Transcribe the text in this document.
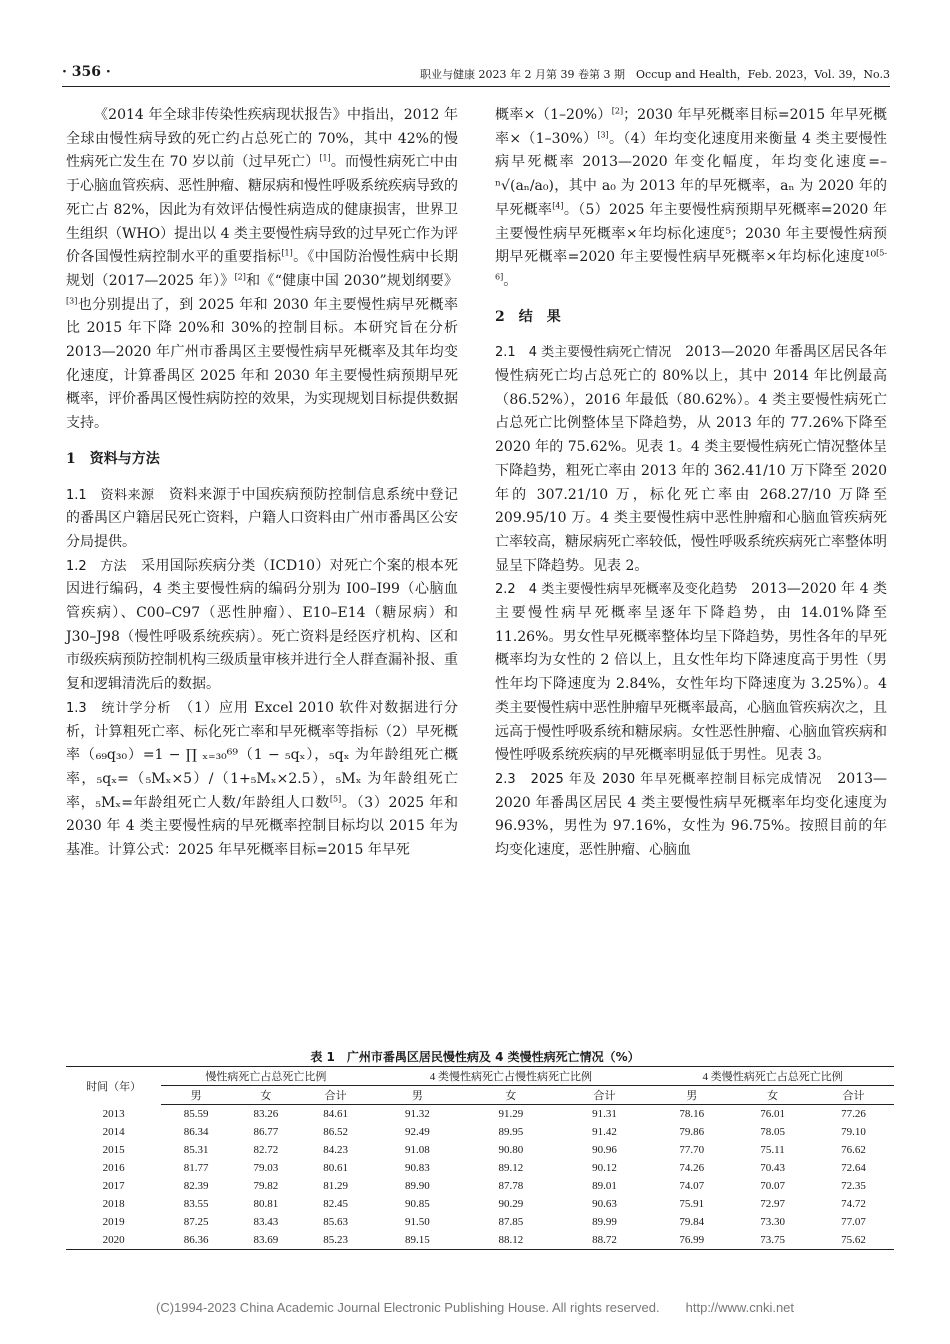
· 356 ·	职业与健康 2023 年 2 月第 39 卷第 3 期　Occup and Health，Feb. 2023，Vol. 39，No.3

《2014 年全球非传染性疾病现状报告》中指出，2012 年全球由慢性病导致的死亡约占总死亡的 70%，其中 42%的慢性病死亡发生在 70 岁以前（过早死亡）[1]。而慢性病死亡中由于心脑血管疾病、恶性肿瘤、糖尿病和慢性呼吸系统疾病导致的死亡占 82%，因此为有效评估慢性病造成的健康损害，世界卫生组织（WHO）提出以 4 类主要慢性病导致的过早死亡作为评价各国慢性病控制水平的重要指标[1]。《中国防治慢性病中长期规划（2017—2025 年）》[2]和《“健康中国 2030”规划纲要》[3]也分别提出了，到 2025 年和 2030 年主要慢性病早死概率比 2015 年下降 20%和 30%的控制目标。本研究旨在分析 2013—2020 年广州市番禺区主要慢性病早死概率及其年均变化速度，计算番禺区 2025 年和 2030 年主要慢性病预期早死概率，评价番禺区慢性病防控的效果，为实现规划目标提供数据支持。

1　资料与方法

1.1　资料来源　资料来源于中国疾病预防控制信息系统中登记的番禺区户籍居民死亡资料，户籍人口资料由广州市番禺区公安分局提供。

1.2　方法　采用国际疾病分类（ICD10）对死亡个案的根本死因进行编码，4 类主要慢性病的编码分别为 I00–I99（心脑血管疾病）、C00–C97（恶性肿瘤）、E10–E14（糖尿病）和 J30–J98（慢性呼吸系统疾病）。死亡资料是经医疗机构、区和市级疾病预防控制机构三级质量审核并进行全人群查漏补报、重复和逻辑清洗后的数据。

1.3　统计学分析　（1）应用 Excel 2010 软件对数据进行分析，计算粗死亡率、标化死亡率和早死概率等指标（2）早死概率（₆₉q₃₀）=1 − ∏ ₓ₌₃₀⁶⁹（1 − ₅qₓ），₅qₓ 为年龄组死亡概率，₅qₓ=（₅Mₓ×5）/（1+₅Mₓ×2.5），₅Mₓ 为年龄组死亡率，₅Mₓ=年龄组死亡人数/年龄组人口数[5]。（3）2025 年和 2030 年 4 类主要慢性病的早死概率控制目标均以 2015 年为基准。计算公式：2025 年早死概率目标=2015 年早死

概率×（1–20%）[2]；2030 年早死概率目标=2015 年早死概率×（1–30%）[3]。（4）年均变化速度用来衡量 4 类主要慢性病早死概率 2013—2020 年变化幅度，年均变化速度=–ⁿ√(aₙ/a₀)，其中 a₀ 为 2013 年的早死概率，aₙ 为 2020 年的早死概率[4]。（5）2025 年主要慢性病预期早死概率=2020 年主要慢性病早死概率×年均标化速度⁵；2030 年主要慢性病预期早死概率=2020 年主要慢性病早死概率×年均标化速度¹⁰[5-6]。

2　结　果

2.1　4 类主要慢性病死亡情况　2013—2020 年番禺区居民各年慢性病死亡均占总死亡的 80%以上，其中 2014 年比例最高（86.52%），2016 年最低（80.62%）。4 类主要慢性病死亡占总死亡比例整体呈下降趋势，从 2013 年的 77.26%下降至 2020 年的 75.62%。见表 1。4 类主要慢性病死亡情况整体呈下降趋势，粗死亡率由 2013 年的 362.41/10 万下降至 2020 年的 307.21/10 万，标化死亡率由 268.27/10 万降至 209.95/10 万。4 类主要慢性病中恶性肿瘤和心脑血管疾病死亡率较高，糖尿病死亡率较低，慢性呼吸系统疾病死亡率整体明显呈下降趋势。见表 2。

2.2　4 类主要慢性病早死概率及变化趋势　2013—2020 年 4 类主要慢性病早死概率呈逐年下降趋势，由 14.01%降至 11.26%。男女性早死概率整体均呈下降趋势，男性各年的早死概率均为女性的 2 倍以上，且女性年均下降速度高于男性（男性年均下降速度为 2.84%，女性年均下降速度为 3.25%）。4 类主要慢性病中恶性肿瘤早死概率最高，心脑血管疾病次之，且远高于慢性呼吸系统和糖尿病。女性恶性肿瘤、心脑血管疾病和慢性呼吸系统疾病的早死概率明显低于男性。见表 3。

2.3　2025 年及 2030 年早死概率控制目标完成情况　2013—2020 年番禺区居民 4 类主要慢性病早死概率年均变化速度为 96.93%，男性为 97.16%，女性为 96.75%。按照目前的年均变化速度，恶性肿瘤、心脑血

表 1　广州市番禺区居民慢性病及 4 类慢性病死亡情况（%）
时间（年）	慢性病死亡占总死亡比例			4 类慢性病死亡占慢性病死亡比例			4 类慢性病死亡占总死亡比例		
	男	女	合计	男	女	合计	男	女	合计
2013	85.59	83.26	84.61	91.32	91.29	91.31	78.16	76.01	77.26
2014	86.34	86.77	86.52	92.49	89.95	91.42	79.86	78.05	79.10
2015	85.31	82.72	84.23	91.08	90.80	90.96	77.70	75.11	76.62
2016	81.77	79.03	80.61	90.83	89.12	90.12	74.26	70.43	72.64
2017	82.39	79.82	81.29	89.90	87.78	89.01	74.07	70.07	72.35
2018	83.55	80.81	82.45	90.85	90.29	90.63	75.91	72.97	74.72
2019	87.25	83.43	85.63	91.50	87.85	89.99	79.84	73.30	77.07
2020	86.36	83.69	85.23	89.15	88.12	88.72	76.99	73.75	75.62
(C)1994-2023 China Academic Journal Electronic Publishing House. All rights reserved.　　http://www.cnki.net
